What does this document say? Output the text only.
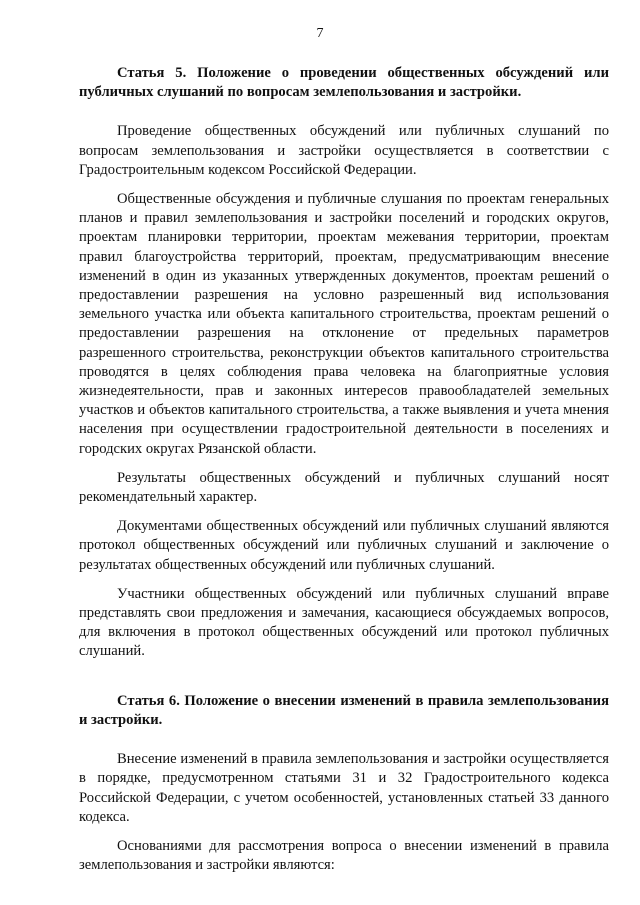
7

Статья 5. Положение о проведении общественных обсуждений или публичных слушаний по вопросам землепользования и застройки.

Проведение общественных обсуждений или публичных слушаний по вопросам землепользования и застройки осуществляется в соответствии с Градостроительным кодексом Российской Федерации.

Общественные обсуждения и публичные слушания по проектам генеральных планов и правил землепользования и застройки поселений и городских округов, проектам планировки территории, проектам межевания территории, проектам правил благоустройства территорий, проектам, предусматривающим внесение изменений в один из указанных утвержденных документов, проектам решений о предоставлении разрешения на условно разрешенный вид использования земельного участка или объекта капитального строительства, проектам решений о предоставлении разрешения на отклонение от предельных параметров разрешенного строительства, реконструкции объектов капитального строительства проводятся в целях соблюдения права человека на благоприятные условия жизнедеятельности, прав и законных интересов правообладателей земельных участков и объектов капитального строительства, а также выявления и учета мнения населения при осуществлении градостроительной деятельности в поселениях и городских округах Рязанской области.

Результаты общественных обсуждений и публичных слушаний носят рекомендательный характер.

Документами общественных обсуждений или публичных слушаний являются протокол общественных обсуждений или публичных слушаний и заключение о результатах общественных обсуждений или публичных слушаний.

Участники общественных обсуждений или публичных слушаний вправе представлять свои предложения и замечания, касающиеся обсуждаемых вопросов, для включения в протокол общественных обсуждений или протокол публичных слушаний.

Статья 6. Положение о внесении изменений в правила землепользования и застройки.

Внесение изменений в правила землепользования и застройки осуществляется в порядке, предусмотренном статьями 31 и 32 Градостроительного кодекса Российской Федерации, с учетом особенностей, установленных статьей 33 данного кодекса.

Основаниями для рассмотрения вопроса о внесении изменений в правила землепользования и застройки являются:
